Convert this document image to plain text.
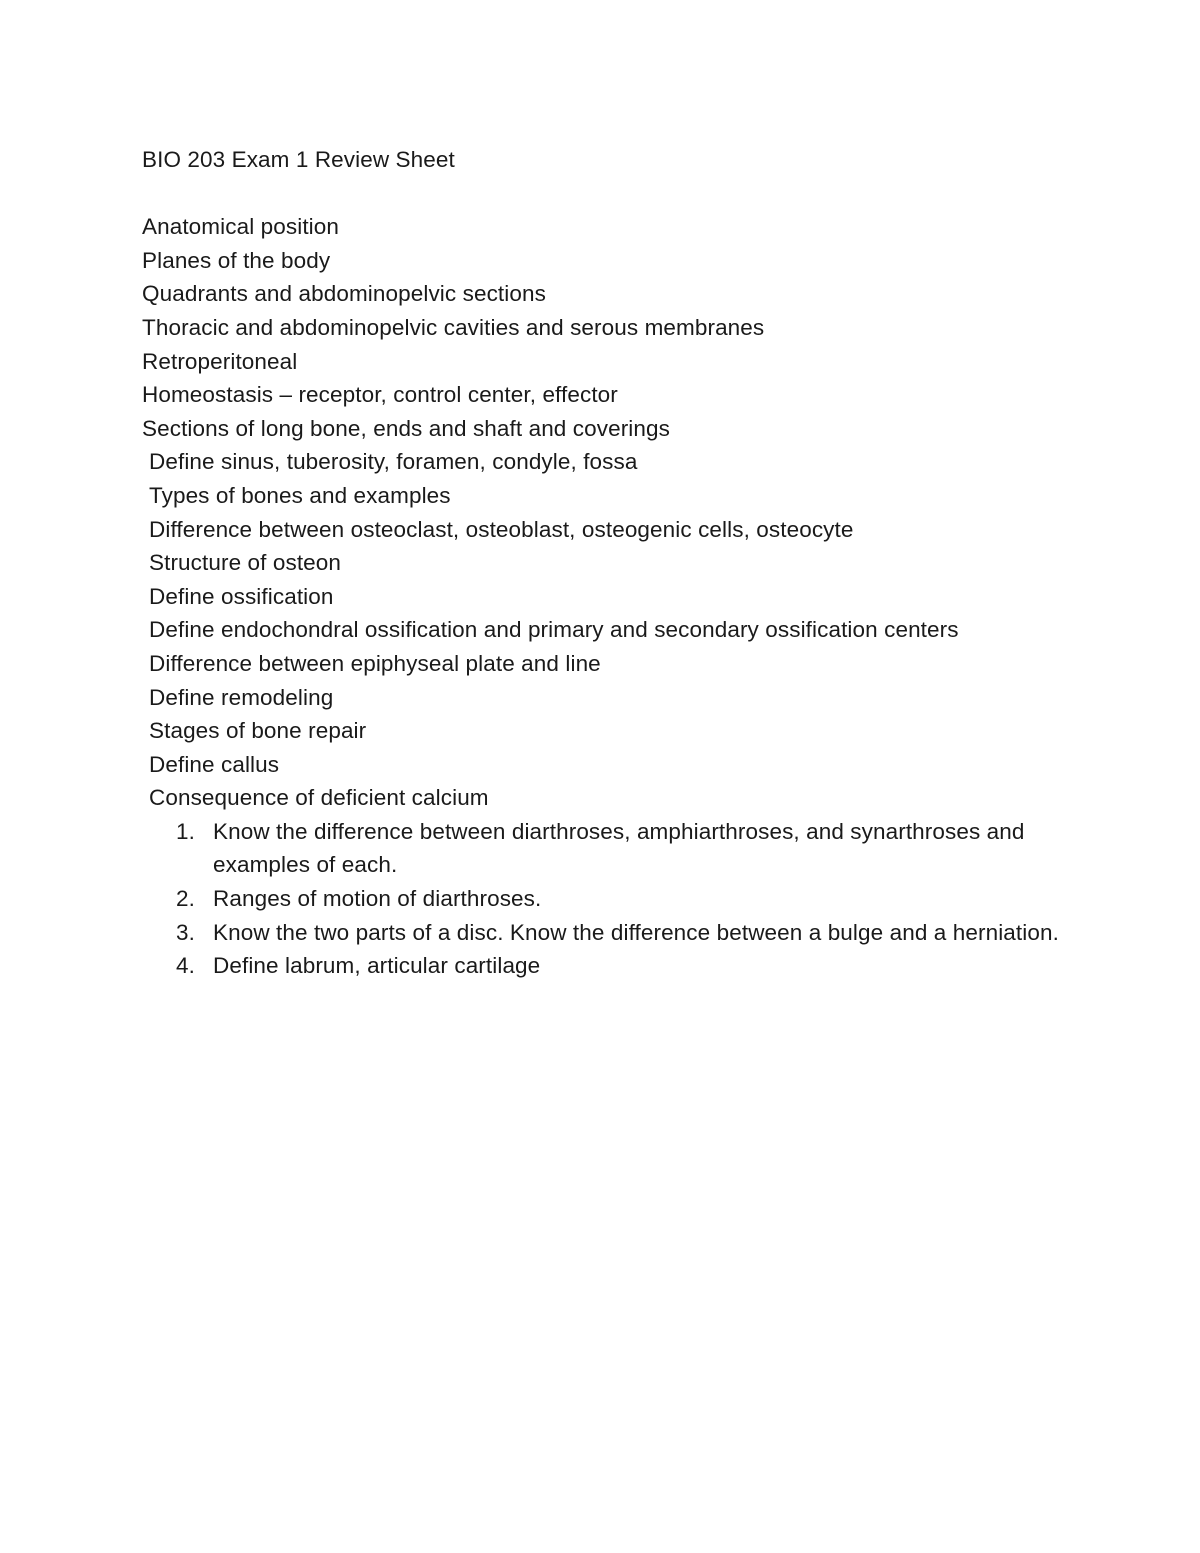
BIO 203 Exam 1 Review Sheet

Anatomical position
Planes of the body
Quadrants and abdominopelvic sections
Thoracic and abdominopelvic cavities and serous membranes
Retroperitoneal
Homeostasis – receptor, control center, effector
Sections of long bone, ends and shaft and coverings
Define sinus, tuberosity, foramen, condyle, fossa
Types of bones and examples
Difference between osteoclast, osteoblast, osteogenic cells, osteocyte
Structure of osteon
Define ossification
Define endochondral ossification and primary and secondary ossification centers
Difference between epiphyseal plate and line
Define remodeling
Stages of bone repair
Define callus
Consequence of deficient calcium
1. Know the difference between diarthroses, amphiarthroses, and synarthroses and examples of each.
2. Ranges of motion of diarthroses.
3. Know the two parts of a disc. Know the difference between a bulge and a herniation.
4. Define labrum, articular cartilage
